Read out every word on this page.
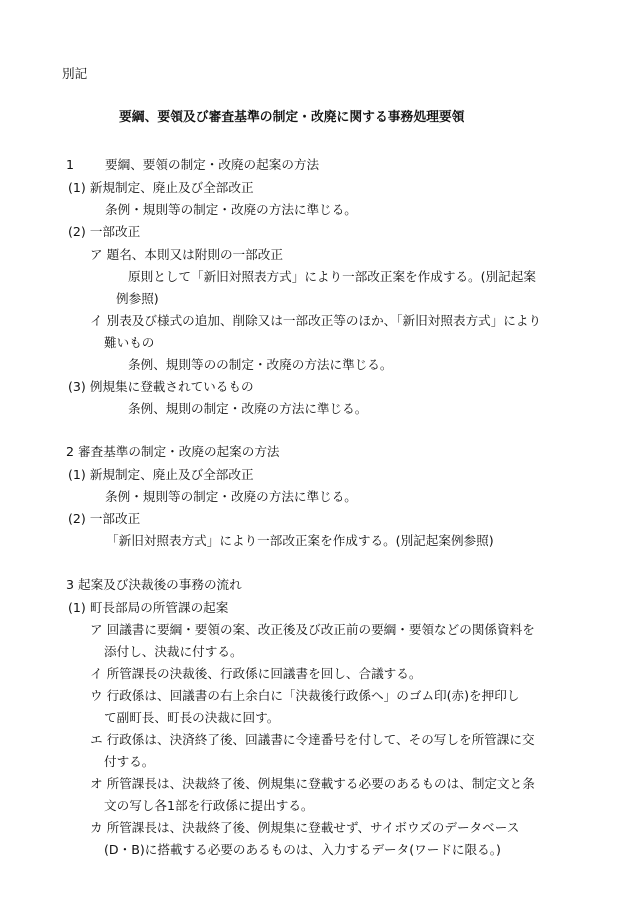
別記
要綱、要領及び審査基準の制定・改廃に関する事務処理要領
1 要綱、要領の制定・改廃の起案の方法
(1) 新規制定、廃止及び全部改正
条例・規則等の制定・改廃の方法に準じる。
(2) 一部改正
ア 題名、本則又は附則の一部改正
原則として「新旧対照表方式」により一部改正案を作成する。(別記起案
例参照)
イ 別表及び様式の追加、削除又は一部改正等のほか、「新旧対照表方式」により
難いもの
条例、規則等のの制定・改廃の方法に準じる。
(3) 例規集に登載されているもの
条例、規則の制定・改廃の方法に準じる。
2 審査基準の制定・改廃の起案の方法
(1) 新規制定、廃止及び全部改正
条例・規則等の制定・改廃の方法に準じる。
(2) 一部改正
「新旧対照表方式」により一部改正案を作成する。(別記起案例参照)
3 起案及び決裁後の事務の流れ
(1) 町長部局の所管課の起案
ア 回議書に要綱・要領の案、改正後及び改正前の要綱・要領などの関係資料を
添付し、決裁に付する。
イ 所管課長の決裁後、行政係に回議書を回し、合議する。
ウ 行政係は、回議書の右上余白に「決裁後行政係へ」のゴム印(赤)を押印し
て副町長、町長の決裁に回す。
エ 行政係は、決済終了後、回議書に令達番号を付して、その写しを所管課に交
付する。
オ 所管課長は、決裁終了後、例規集に登載する必要のあるものは、制定文と条
文の写し各1部を行政係に提出する。
カ 所管課長は、決裁終了後、例規集に登載せず、サイボウズのデータベース
(D・B)に搭載する必要のあるものは、入力するデータ(ワードに限る。)
